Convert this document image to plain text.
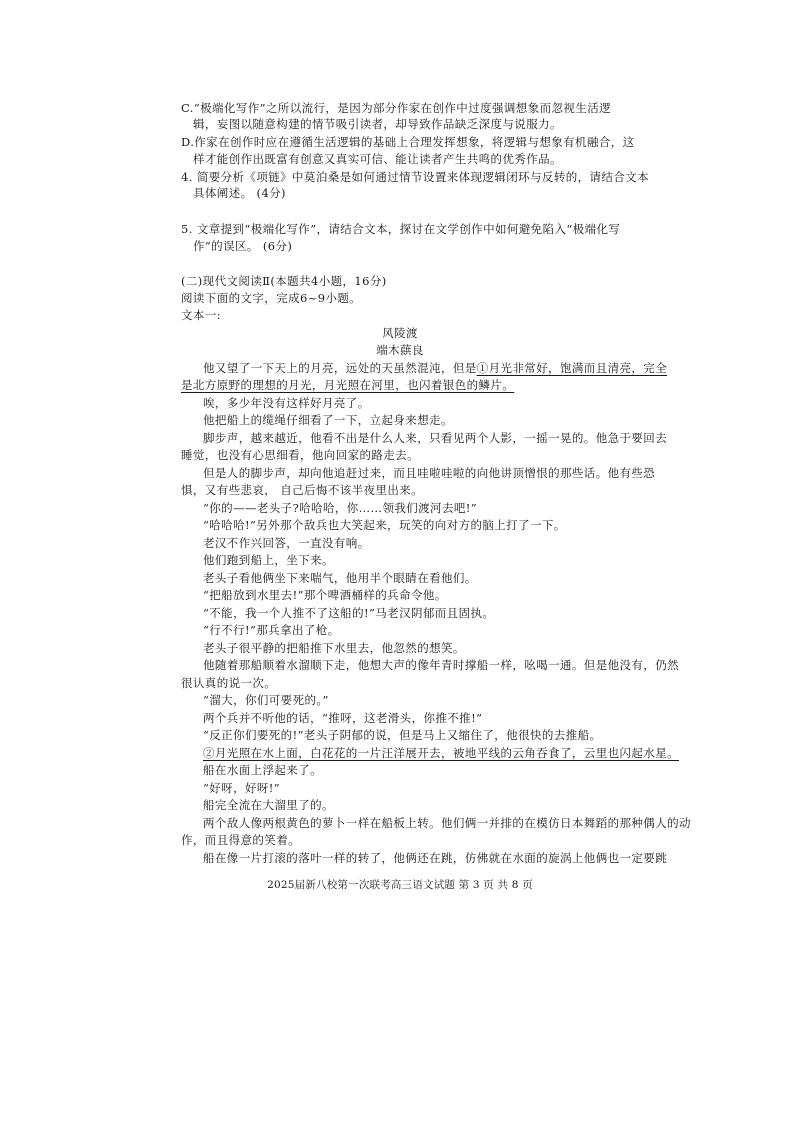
C.“极端化写作”之所以流行，是因为部分作家在创作中过度强调想象而忽视生活逻
辑，妄图以随意构建的情节吸引读者，却导致作品缺乏深度与说服力。
D.作家在创作时应在遵循生活逻辑的基础上合理发挥想象，将逻辑与想象有机融合，这
样才能创作出既富有创意又真实可信、能让读者产生共鸣的优秀作品。
4. 简要分析《项链》中莫泊桑是如何通过情节设置来体现逻辑闭环与反转的，请结合文本
具体阐述。 (4分)
5. 文章提到“极端化写作”，请结合文本，探讨在文学创作中如何避免陷入“极端化写
作”的误区。 (6分)
(二)现代文阅读Ⅱ(本题共4小题，16分)
阅读下面的文字，完成6~9小题。
文本一:
风陵渡
端木蕻良
他又望了一下天上的月亮，远处的天虽然混沌，但是①月光非常好，饱满而且清亮，完全
是北方原野的理想的月光，月光照在河里，也闪着银色的鳞片。
唉，多少年没有这样好月亮了。
他把船上的缆绳仔细看了一下，立起身来想走。
脚步声，越来越近，他看不出是什么人来，只看见两个人影，一摇一晃的。他急于要回去
睡觉，也没有心思细看，他向回家的路走去。
但是人的脚步声，却向他追赶过来，而且哇啦哇啦的向他讲顶憎恨的那些话。他有些恐
惧，又有些悲哀， 自己后悔不该半夜里出来。
“你的——老头子?哈哈哈，你……领我们渡河去吧!”
“哈哈哈!”另外那个敌兵也大笑起来，玩笑的向对方的脑上打了一下。
老汉不作兴回答，一直没有响。
他们跑到船上，坐下来。
老头子看他俩坐下来喘气，他用半个眼睛在看他们。
“把船放到水里去!”那个啤酒桶样的兵命令他。
“不能，我一个人推不了这船的!”马老汉阴郁而且固执。
“行不行!”那兵拿出了枪。
老头子很平静的把船推下水里去，他忽然的想笑。
他随着那船顺着水溜顺下走，他想大声的像年青时撑船一样，吆喝一通。但是他没有，仍然
很认真的说一次。
“溜大，你们可要死的。”
两个兵并不听他的话，“推呀，这老滑头，你推不推!”
“反正你们要死的!”老头子阴郁的说，但是马上又缩住了，他很快的去推船。
②月光照在水上面，白花花的一片汪洋展开去，被地平线的云角吞食了，云里也闪起水星。
船在水面上浮起来了。
“好呀，好呀!”
船完全流在大溜里了的。
两个敌人像两根黄色的萝卜一样在船板上转。他们俩一并排的在模仿日本舞蹈的那种偶人的动
作，而且得意的笑着。
船在像一片打滚的落叶一样的转了，他俩还在跳，仿佛就在水面的旋涡上他俩也一定要跳
2025届新八校第一次联考高三语文试题 第 3 页 共 8 页
